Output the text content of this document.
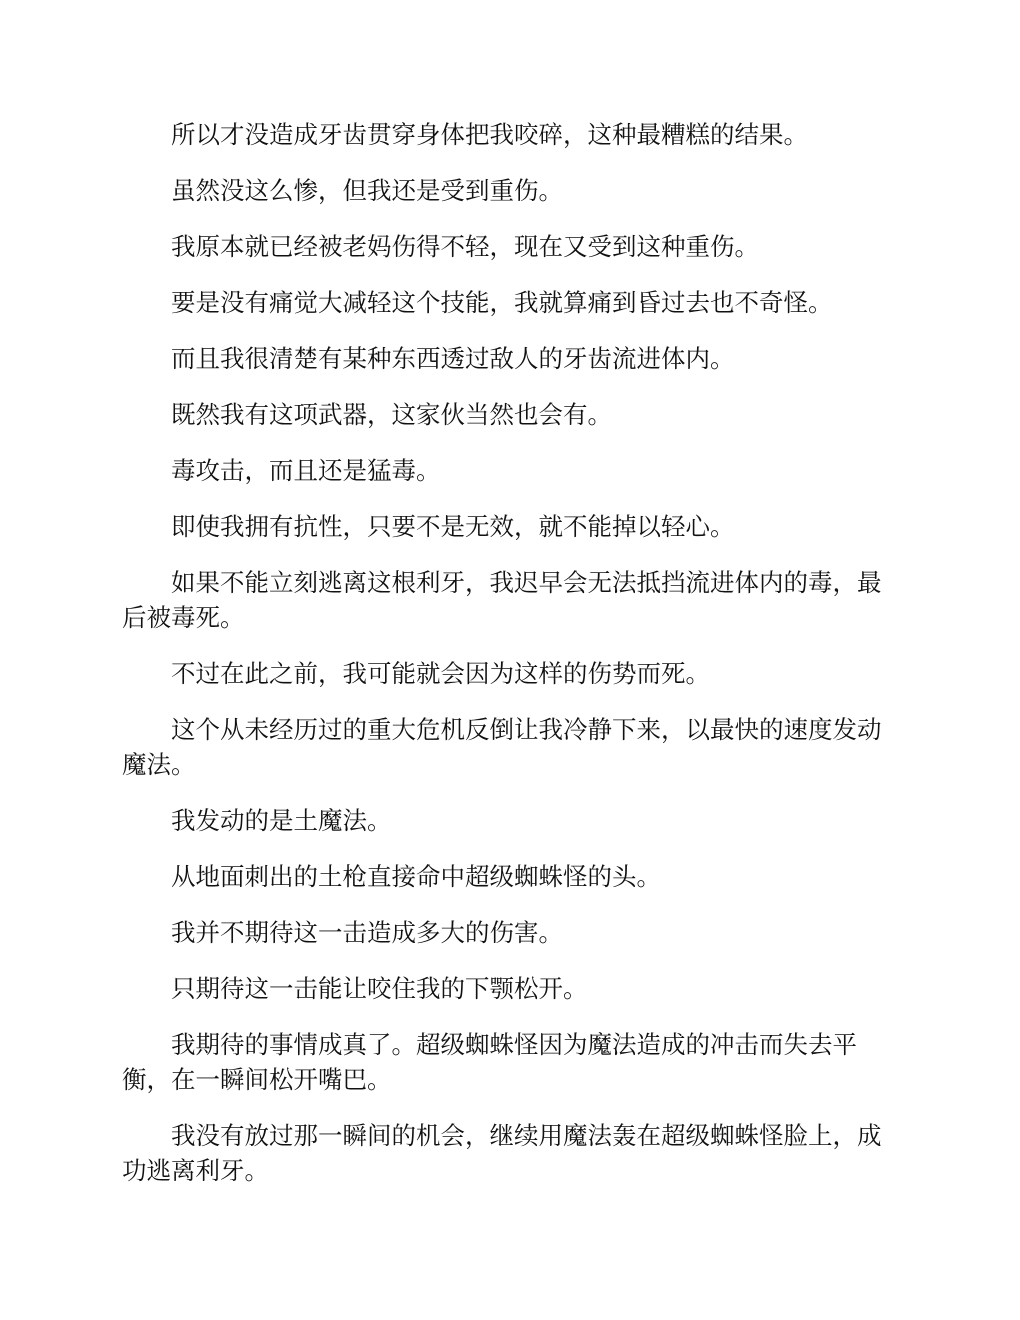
所以才没造成牙齿贯穿身体把我咬碎，这种最糟糕的结果。

虽然没这么惨，但我还是受到重伤。

我原本就已经被老妈伤得不轻，现在又受到这种重伤。

要是没有痛觉大减轻这个技能，我就算痛到昏过去也不奇怪。

而且我很清楚有某种东西透过敌人的牙齿流进体内。

既然我有这项武器，这家伙当然也会有。

毒攻击，而且还是猛毒。

即使我拥有抗性，只要不是无效，就不能掉以轻心。

如果不能立刻逃离这根利牙，我迟早会无法抵挡流进体内的毒，最后被毒死。

不过在此之前，我可能就会因为这样的伤势而死。

这个从未经历过的重大危机反倒让我冷静下来，以最快的速度发动魔法。

我发动的是土魔法。

从地面刺出的土枪直接命中超级蜘蛛怪的头。

我并不期待这一击造成多大的伤害。

只期待这一击能让咬住我的下颚松开。

我期待的事情成真了。超级蜘蛛怪因为魔法造成的冲击而失去平衡，在一瞬间松开嘴巴。

我没有放过那一瞬间的机会，继续用魔法轰在超级蜘蛛怪脸上，成功逃离利牙。
